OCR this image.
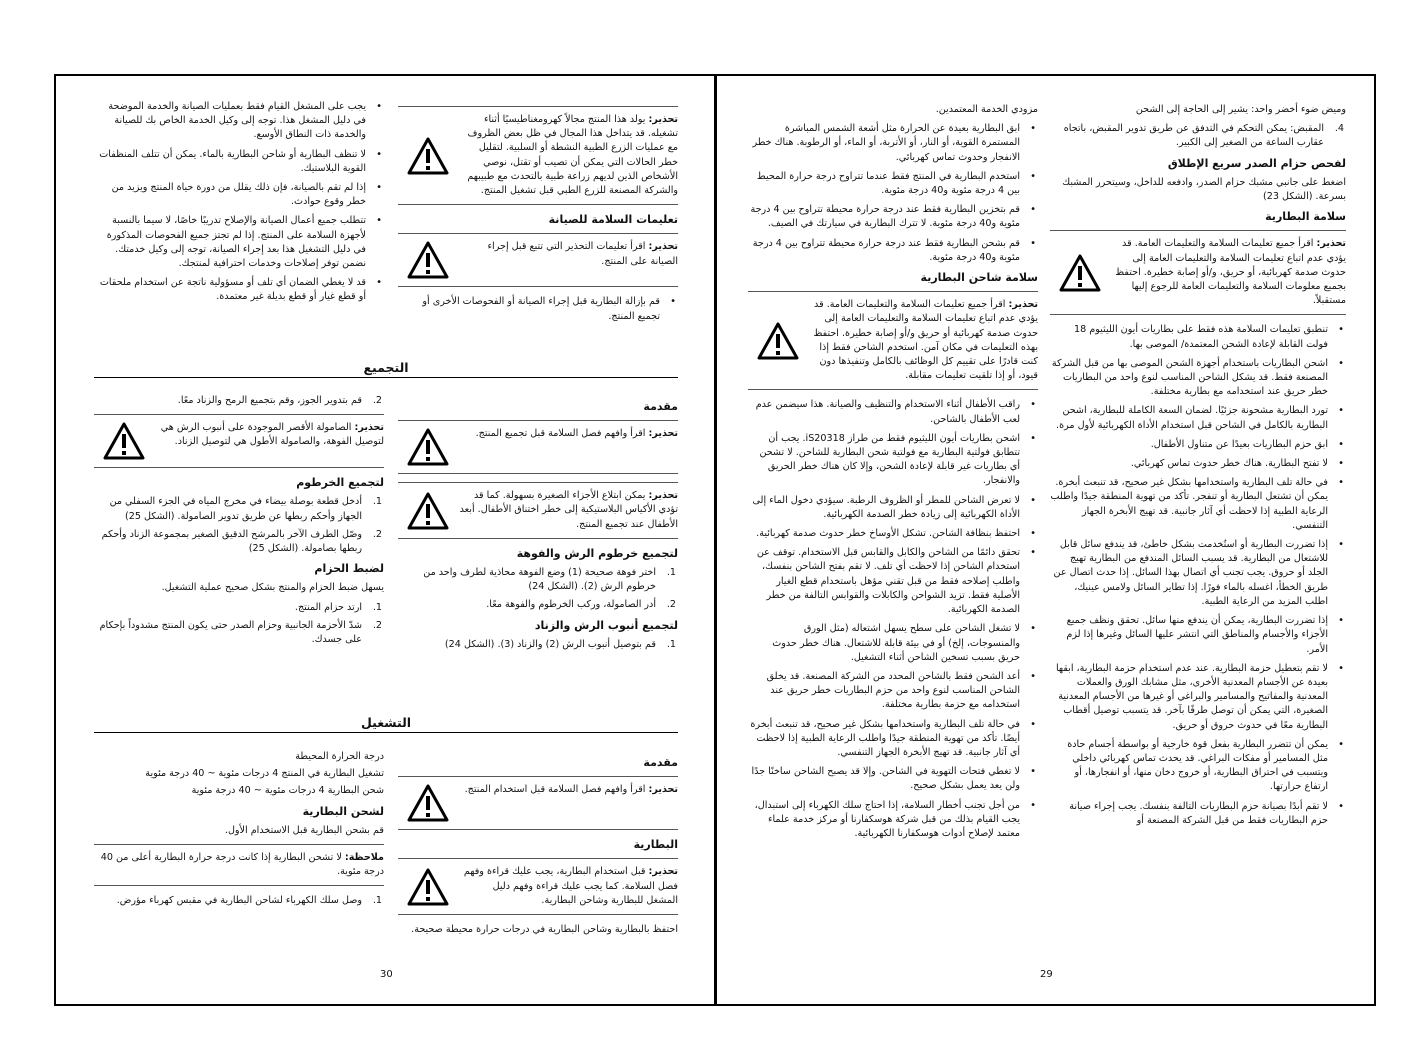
وميض ضوء أخضر واحد: يشير إلى الحاجة إلى الشحن

4.
المقبض: يمكن التحكم في التدفق عن طريق تدوير المقبض، باتجاه عقارب الساعة من الصغير إلى الكبير.
لفحص حزام الصدر سريع الإطلاق

اضغط على جانبي مشبك حزام الصدر، وادفعه للداخل، وسيتحرر المشبك بسرعة. (الشكل 23)

سلامة البطارية
تحذير: اقرأ جميع تعليمات السلامة والتعليمات العامة. قد يؤدي عدم اتباع تعليمات السلامة والتعليمات العامة إلى حدوث صدمة كهربائية، أو حريق، و/أو إصابة خطيرة. احتفظ بجميع معلومات السلامة والتعليمات العامة للرجوع إليها مستقبلاً.
• تنطبق تعليمات السلامة هذه فقط على بطاريات أيون الليثيوم 18 فولت القابلة لإعادة الشحن المعتمدة/ الموصى بها.
• اشحن البطاريات باستخدام أجهزة الشحن الموصى بها من قبل الشركة المصنعة فقط. قد يشكل الشاحن المناسب لنوع واحد من البطاريات خطر حريق عند استخدامه مع بطارية مختلفة.
• تورد البطارية مشحونة جزئيًا. لضمان السعة الكاملة للبطارية، اشحن البطارية بالكامل في الشاحن قبل استخدام الأداة الكهربائية لأول مرة.
• ابق حزم البطاريات بعيدًا عن متناول الأطفال.
• لا تفتح البطارية. هناك خطر حدوث تماس كهربائي.
• في حالة تلف البطارية واستخدامها بشكل غير صحيح، قد تنبعث أبخرة. يمكن أن تشتعل البطارية أو تنفجر. تأكد من تهوية المنطقة جيدًا واطلب الرعاية الطبية إذا لاحظت أي آثار جانبية. قد تهيج الأبخرة الجهاز التنفسي.
• إذا تضررت البطارية أو استُخدمت بشكل خاطئ، قد يندفع سائل قابل للاشتعال من البطارية. قد يسبب السائل المندفع من البطارية تهيج الجلد أو حروق. يجب تجنب أي اتصال بهذا السائل. إذا حدث اتصال عن طريق الخطأ، اغسله بالماء فورًا. إذا تطاير السائل ولامس عينيك، اطلب المزيد من الرعاية الطبية.
• إذا تضررت البطارية، يمكن أن يندفع منها سائل. تحقق ونظف جميع الأجزاء والأجسام والمناطق التي انتشر عليها السائل وغيرها إذا لزم الأمر.
• لا تقم بتعطيل حزمة البطارية. عند عدم استخدام حزمة البطارية، ابقها بعيدة عن الأجسام المعدنية الأخرى، مثل مشابك الورق والعملات المعدنية والمفاتيح والمسامير والبراغي أو غيرها من الأجسام المعدنية الصغيرة، التي يمكن أن توصل طرفًا بآخر. قد يتسبب توصيل أقطاب البطارية معًا في حدوث حروق أو حريق.
• يمكن أن تتضرر البطارية بفعل قوة خارجية أو بواسطة أجسام حادة مثل المسامير أو مفكات البراغي. قد يحدث تماس كهربائي داخلي ويتسبب في احتراق البطارية، أو خروج دخان منها، أو انفجارها، أو ارتفاع حرارتها.
• لا تقم أبدًا بصيانة حزم البطاريات التالفة بنفسك. يجب إجراء صيانة حزم البطاريات فقط من قبل الشركة المصنعة أو

مزودي الخدمة المعتمدين.

• ابق البطارية بعيدة عن الحرارة مثل أشعة الشمس المباشرة المستمرة القوية، أو النار، أو الأتربة، أو الماء، أو الرطوبة. هناك خطر الانفجار وحدوث تماس كهربائي.
• استخدم البطارية في المنتج فقط عندما تتراوح درجة حرارة المحيط بين 4 درجة مئوية و40 درجة مئوية.
• قم بتخزين البطارية فقط عند درجة حرارة محيطة تتراوح بين 4 درجة مئوية و40 درجة مئوية. لا تترك البطارية في سيارتك في الصيف.
• قم بشحن البطارية فقط عند درجة حرارة محيطة تتراوح بين 4 درجة مئوية و40 درجة مئوية.
سلامة شاحن البطارية
تحذير: اقرأ جميع تعليمات السلامة والتعليمات العامة. قد يؤدي عدم اتباع تعليمات السلامة والتعليمات العامة إلى حدوث صدمة كهربائية أو حريق و/أو إصابة خطيرة. احتفظ بهذه التعليمات في مكان آمن. استخدم الشاحن فقط إذا كنت قادرًا على تقييم كل الوظائف بالكامل وتنفيذها دون قيود، أو إذا تلقيت تعليمات مقابلة.
• راقب الأطفال أثناء الاستخدام والتنظيف والصيانة. هذا سيضمن عدم لعب الأطفال بالشاحن.
• اشحن بطاريات أيون الليثيوم فقط من طراز iS20318. يجب أن تتطابق فولتية البطارية مع فولتية شحن البطارية للشاحن. لا تشحن أي بطاريات غير قابلة لإعادة الشحن، وإلا كان هناك خطر الحريق والانفجار.
• لا تعرض الشاحن للمطر أو الظروف الرطبة. سيؤدي دخول الماء إلى الأداة الكهربائية إلى زيادة خطر الصدمة الكهربائية.
• احتفظ بنظافة الشاحن. تشكل الأوساخ خطر حدوث صدمة كهربائية.
• تحقق دائمًا من الشاحن والكابل والقابس قبل الاستخدام. توقف عن استخدام الشاحن إذا لاحظت أي تلف. لا تقم بفتح الشاحن بنفسك، واطلب إصلاحه فقط من قبل تقني مؤهل باستخدام قطع الغيار الأصلية فقط. تزيد الشواحن والكابلات والقوابس التالفة من خطر الصدمة الكهربائية.
• لا تشغل الشاحن على سطح يسهل اشتعاله (مثل الورق والمنسوجات، إلخ) أو في بيئة قابلة للاشتعال. هناك خطر حدوث حريق بسبب تسخين الشاحن أثناء التشغيل.
• أعد الشحن فقط بالشاحن المحدد من الشركة المصنعة. قد يخلق الشاحن المناسب لنوع واحد من حزم البطاريات خطر حريق عند استخدامه مع حزمة بطارية مختلفة.
• في حالة تلف البطارية واستخدامها بشكل غير صحيح، قد تنبعث أبخرة أيضًا. تأكد من تهوية المنطقة جيدًا واطلب الرعاية الطبية إذا لاحظت أي آثار جانبية. قد تهيج الأبخرة الجهاز التنفسي.
• لا تغطي فتحات التهوية في الشاحن. وإلا قد يصبح الشاحن ساخنًا جدًا ولن يعد يعمل بشكل صحيح.
• من أجل تجنب أخطار السلامة، إذا احتاج سلك الكهرباء إلى استبدال، يجب القيام بذلك من قبل شركة هوسكفارنا أو مركز خدمة علماء معتمد لإصلاح أدوات هوسكفارنا الكهربائية.
29
تحذير: يولد هذا المنتج مجالاً كهرومغناطيسيًا أثناء تشغيله. قد يتداخل هذا المجال في ظل بعض الظروف مع عمليات الزرع الطبية النشطة أو السلبية. لتقليل خطر الحالات التي يمكن أن تصيب أو تقتل، نوصي الأشخاص الذين لديهم زراعة طبية بالتحدث مع طبيبهم والشركة المصنعة للزرع الطبي قبل تشغيل المنتج.
تعليمات السلامة للصيانة
تحذير: اقرأ تعليمات التحذير التي تتبع قبل إجراء الصيانة على المنتج.
• قم بإزالة البطارية قبل إجراء الصيانة أو الفحوصات الأخرى أو تجميع المنتج.
• يجب على المشغل القيام فقط بعمليات الصيانة والخدمة الموضحة في دليل المشغل هذا. توجه إلى وكيل الخدمة الخاص بك للصيانة والخدمة ذات النطاق الأوسع.
• لا تنظف البطارية أو شاحن البطارية بالماء. يمكن أن تتلف المنظفات القوية البلاستيك.
• إذا لم تقم بالصيانة، فإن ذلك يقلل من دورة حياة المنتج ويزيد من خطر وقوع حوادث.
• تتطلب جميع أعمال الصيانة والإصلاح تدريبًا خاصًا، لا سيما بالنسبة لأجهزة السلامة على المنتج. إذا لم تجتز جميع الفحوصات المذكورة في دليل التشغيل هذا بعد إجراء الصيانة، توجه إلى وكيل خدمتك. نضمن توفر إصلاحات وخدمات احترافية لمنتجك.
• قد لا يغطي الضمان أي تلف أو مسؤولية ناتجة عن استخدام ملحقات أو قطع غيار أو قطع بديلة غير معتمدة.
التجميع
مقدمة
تحذير: اقرأ وافهم فصل السلامة قبل تجميع المنتج.
تحذير: يمكن ابتلاع الأجزاء الصغيرة بسهولة. كما قد تؤدي الأكياس البلاستيكية إلى خطر اختناق الأطفال. أبعد الأطفال عند تجميع المنتج.
لتجميع خرطوم الرش والفوهة
1.
اختر فوهة صحيحة (1) وضع الفوهة محاذية لطرف واحد من خرطوم الرش (2). (الشكل 24)
2.
أدر الصامولة، وركب الخرطوم والفوهة معًا.
لتجميع أنبوب الرش والزناد
1.
قم بتوصيل أنبوب الرش (2) والزناد (3). (الشكل 24)
2.
قم بتدوير الجوز، وقم بتجميع الرمح والزناد معًا.
تحذير: الصامولة الأقصر الموجودة على أنبوب الرش هي لتوصيل الفوهة، والصامولة الأطول هي لتوصيل الزناد.
لتجميع الخرطوم
1.
أدخل قطعة بوصلة بيضاء في مخرج المياه في الجزء السفلي من الجهاز وأحكم ربطها عن طريق تدوير الصامولة. (الشكل 25)
2.
وصّل الطرف الآخر بالمرشح الدقيق الصغير بمجموعة الزناد وأحكم ربطها بصامولة. (الشكل 25)
لضبط الحزام

يسهل ضبط الحزام والمنتج بشكل صحيح عملية التشغيل.

1.
ارتد حزام المنتج.
2.
شدّ الأحزمة الجانبية وحزام الصدر حتى يكون المنتج مشدوداً بإحكام على جسدك.
التشغيل
مقدمة
تحذير: اقرأ وافهم فصل السلامة قبل استخدام المنتج.
البطارية
تحذير: قبل استخدام البطارية، يجب عليك قراءة وفهم فصل السلامة. كما يجب عليك قراءة وفهم دليل المشغل للبطارية وشاحن البطارية.

احتفظ بالبطارية وشاحن البطارية في درجات حرارة محيطة صحيحة.

درجة الحرارة المحيطة

تشغيل البطارية في المنتج 4 درجات مئوية ~ 40 درجة مئوية

شحن البطارية 4 درجات مئوية ~ 40 درجة مئوية

لشحن البطارية

قم بشحن البطارية قبل الاستخدام الأول.

ملاحظة: لا تشحن البطارية إذا كانت درجة حرارة البطارية أعلى من 40 درجة مئوية.
1.
وصل سلك الكهرباء لشاحن البطارية في مقبس كهرباء مؤرض.
30
